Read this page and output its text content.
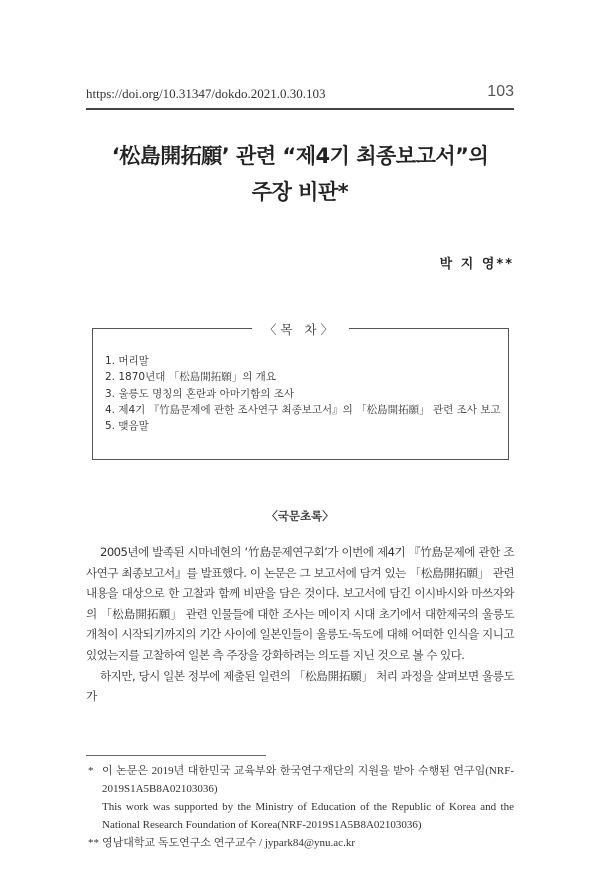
https://doi.org/10.31347/dokdo.2021.0.30.103	103
‘松島開拓願’ 관련 “제4기 최종보고서”의
주장 비판*
박 지 영**
〈목 차〉
1. 머리말
2. 1870년대 「松島開拓願」의 개요
3. 울릉도 명칭의 혼란과 아마기함의 조사
4. 제4기 『竹島문제에 관한 조사연구 최종보고서』의 「松島開拓願」 관련 조사 보고
5. 맺음말
〈국문초록〉

2005년에 발족된 시마네현의 ‘竹島문제연구회’가 이번에 제4기 『竹島문제에 관한 조사연구 최종보고서』를 발표했다. 이 논문은 그 보고서에 담겨 있는 「松島開拓願」 관련 내용을 대상으로 한 고찰과 함께 비판을 담은 것이다. 보고서에 담긴 이시바시와 마쓰자와의 「松島開拓願」 관련 인물들에 대한 조사는 메이지 시대 초기에서 대한제국의 울릉도 개척이 시작되기까지의 기간 사이에 일본인들이 울릉도·독도에 대해 어떠한 인식을 지니고 있었는지를 고찰하여 일본 측 주장을 강화하려는 의도를 지닌 것으로 볼 수 있다.

하지만, 당시 일본 정부에 제출된 일련의 「松島開拓願」 처리 과정을 살펴보면 울릉도가

* 이 논문은 2019년 대한민국 교육부와 한국연구재단의 지원을 받아 수행된 연구임(NRF-2019S1A5B8A02103036)
This work was supported by the Ministry of Education of the Republic of Korea and the National Research Foundation of Korea(NRF-2019S1A5B8A02103036)
** 영남대학교 독도연구소 연구교수 / jypark84@ynu.ac.kr
